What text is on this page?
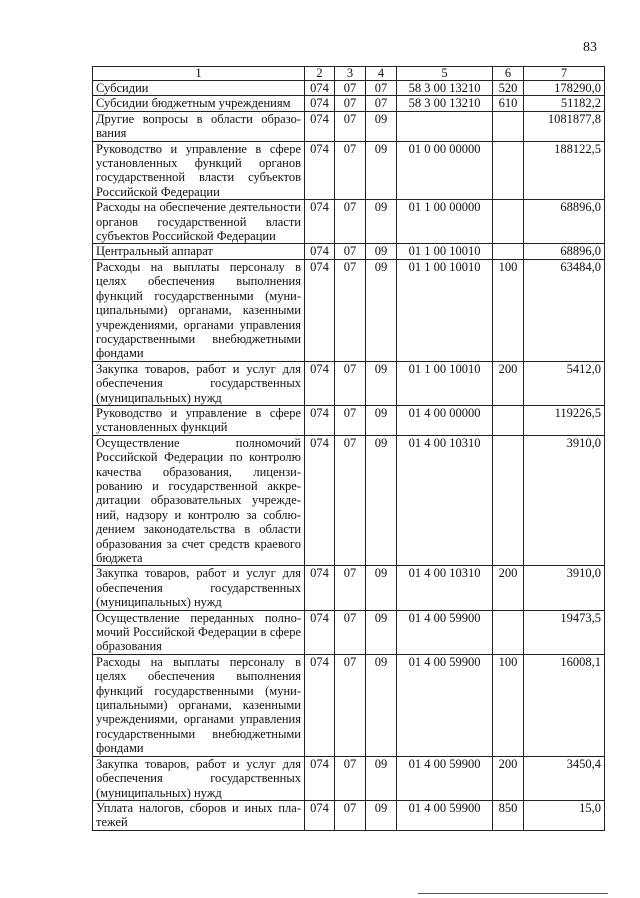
83
1	2	3	4	5	6	7
Субсидии	074	07	07	58 3 00 13210	520	178290,0
Субсидии бюджетным учреждениям	074	07	07	58 3 00 13210	610	51182,2
Другие вопросы в области образования	074	07	09			1081877,8
Руководство и управление в сфере установленных функций органов государственной власти субъектов Российской Федерации	074	07	09	01 0 00 00000		188122,5
Расходы на обеспечение деятельности органов государственной власти субъектов Российской Федерации	074	07	09	01 1 00 00000		68896,0
Центральный аппарат	074	07	09	01 1 00 10010		68896,0
Расходы на выплаты персоналу в целях обеспечения выполнения функций государственными (муниципальными) органами, казенными учреждениями, органами управления государственными внебюджетными фондами	074	07	09	01 1 00 10010	100	63484,0
Закупка товаров, работ и услуг для обеспечения государственных (муниципальных) нужд	074	07	09	01 1 00 10010	200	5412,0
Руководство и управление в сфере установленных функций	074	07	09	01 4 00 00000		119226,5
Осуществление полномочий Российской Федерации по контролю качества образования, лицензированию и государственной аккредитации образовательных учреждений, надзору и контролю за соблюдением законодательства в области образования за счет средств краевого бюджета	074	07	09	01 4 00 10310		3910,0
Закупка товаров, работ и услуг для обеспечения государственных (муниципальных) нужд	074	07	09	01 4 00 10310	200	3910,0
Осуществление переданных полномочий Российской Федерации в сфере образования	074	07	09	01 4 00 59900		19473,5
Расходы на выплаты персоналу в целях обеспечения выполнения функций государственными (муниципальными) органами, казенными учреждениями, органами управления государственными внебюджетными фондами	074	07	09	01 4 00 59900	100	16008,1
Закупка товаров, работ и услуг для обеспечения государственных (муниципальных) нужд	074	07	09	01 4 00 59900	200	3450,4
Уплата налогов, сборов и иных платежей	074	07	09	01 4 00 59900	850	15,0
